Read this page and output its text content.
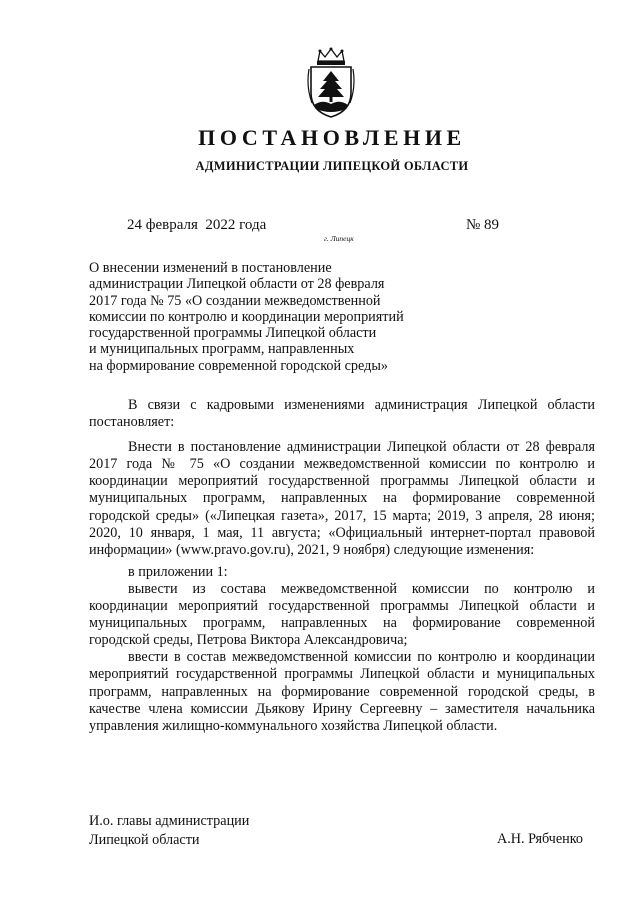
ПОСТАНОВЛЕНИЕ
АДМИНИСТРАЦИИ ЛИПЕЦКОЙ ОБЛАСТИ
24 февраля  2022 года
г. Липецк
№ 89
О внесении изменений в постановление
администрации Липецкой области от 28 февраля
2017 года № 75 «О создании межведомственной
комиссии по контролю и координации мероприятий
государственной программы Липецкой области
и муниципальных программ, направленных
на формирование современной городской среды»

В связи с кадровыми изменениями администрация Липецкой области постановляет:

Внести в постановление администрации Липецкой области от 28 февраля 2017 года № 75 «О создании межведомственной комиссии по контролю и координации мероприятий государственной программы Липецкой области и муниципальных программ, направленных на формирование современной городской среды» («Липецкая газета», 2017, 15 марта; 2019, 3 апреля, 28 июня; 2020, 10 января, 1 мая, 11 августа; «Официальный интернет-портал правовой информации» (www.pravo.gov.ru), 2021, 9 ноября) следующие изменения:

в приложении 1:

вывести из состава межведомственной комиссии по контролю и координации мероприятий государственной программы Липецкой области и муниципальных программ, направленных на формирование современной городской среды, Петрова Виктора Александровича;

ввести в состав межведомственной комиссии по контролю и координации мероприятий государственной программы Липецкой области и муниципальных программ, направленных на формирование современной городской среды, в качестве члена комиссии Дьякову Ирину Сергеевну – заместителя начальника управления жилищно-коммунального хозяйства Липецкой области.

И.о. главы администрации
Липецкой области	А.Н. Рябченко
